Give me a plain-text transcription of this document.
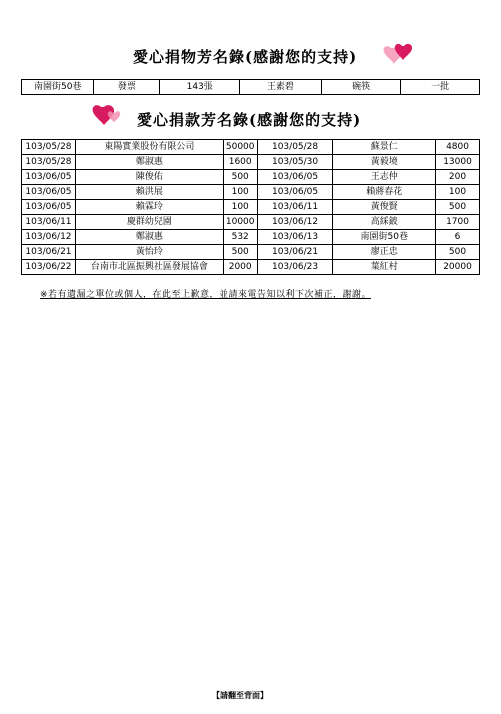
愛心捐物芳名錄(感謝您的支持)
南園街50巷	發票	143張	王素碧	碗筷	一批
愛心捐款芳名錄(感謝您的支持)
103/05/28	東陽實業股份有限公司	50000	103/05/28	蘇景仁	4800
103/05/28	鄭淑惠	1600	103/05/30	黃毅境	13000
103/06/05	陳俊佑	500	103/06/05	王志仲	200
103/06/05	賴洪展	100	103/06/05	賴蔣春花	100
103/06/05	賴霖玲	100	103/06/11	黃俊賢	500
103/06/11	慶群幼兒園	10000	103/06/12	高綵鈹	1700
103/06/12	鄭淑惠	532	103/06/13	南園街50巷	6
103/06/21	黃怡玲	500	103/06/21	廖正忠	500
103/06/22	台南市北區振興社區發展協會	2000	103/06/23	葉紅村	20000
※若有遺漏之單位或個人，在此至上歉意，並請來電告知以利下次補正，謝謝。
【請翻至背面】
